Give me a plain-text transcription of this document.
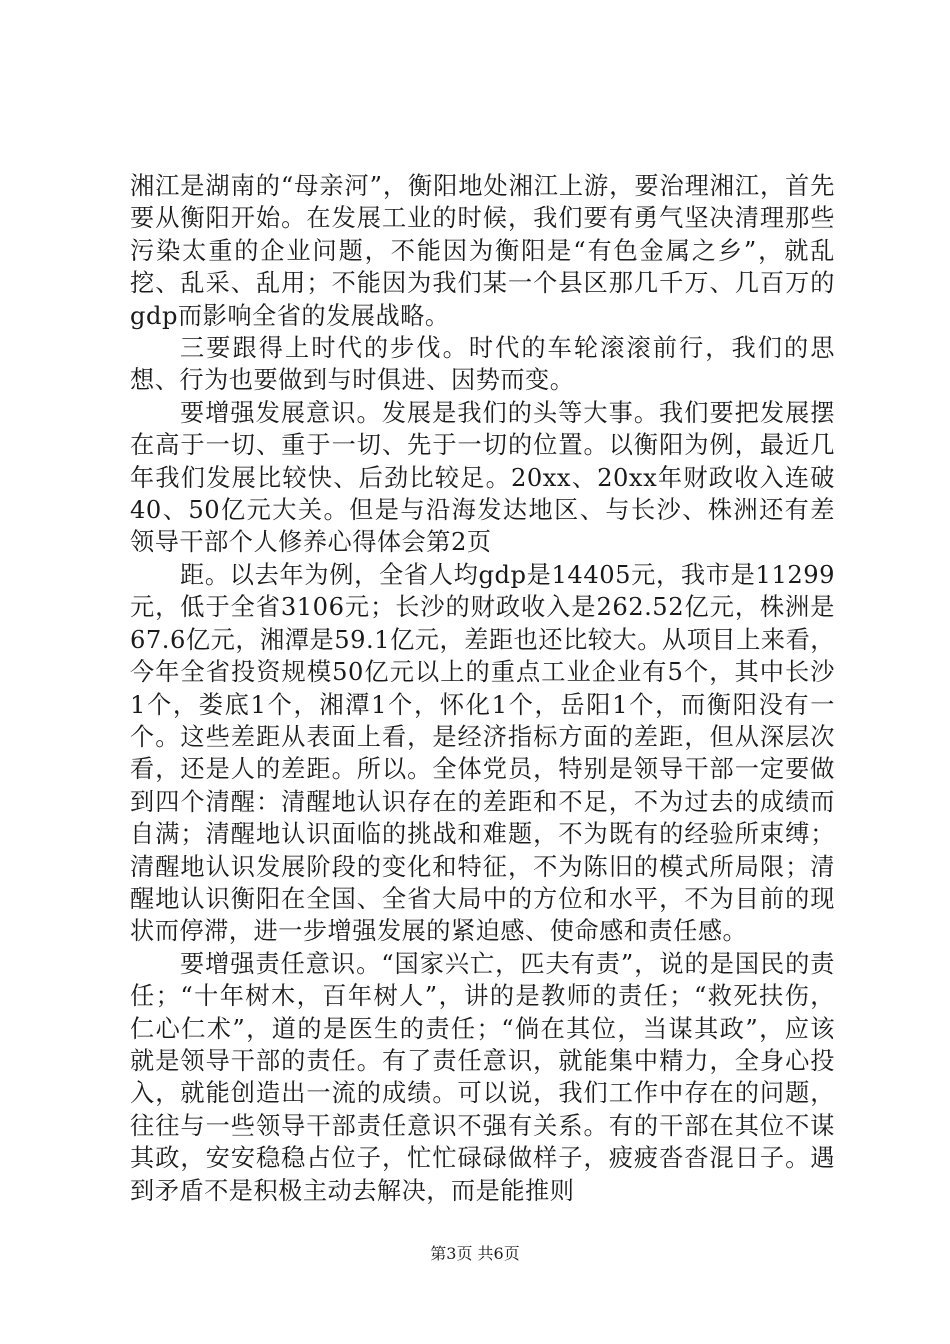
湘江是湖南的“母亲河”，衡阳地处湘江上游，要治理湘江，首先要从衡阳开始。在发展工业的时候，我们要有勇气坚决清理那些污染太重的企业问题，不能因为衡阳是“有色金属之乡”，就乱挖、乱采、乱用；不能因为我们某一个县区那几千万、几百万的gdp而影响全省的发展战略。

三要跟得上时代的步伐。时代的车轮滚滚前行，我们的思想、行为也要做到与时俱进、因势而变。

要增强发展意识。发展是我们的头等大事。我们要把发展摆在高于一切、重于一切、先于一切的位置。以衡阳为例，最近几年我们发展比较快、后劲比较足。20xx、20xx年财政收入连破40、50亿元大关。但是与沿海发达地区、与长沙、株洲还有差领导干部个人修养心得体会第2页

距。以去年为例，全省人均gdp是14405元，我市是11299元，低于全省3106元；长沙的财政收入是262.52亿元，株洲是67.6亿元，湘潭是59.1亿元，差距也还比较大。从项目上来看，今年全省投资规模50亿元以上的重点工业企业有5个，其中长沙1个，娄底1个，湘潭1个，怀化1个，岳阳1个，而衡阳没有一个。这些差距从表面上看，是经济指标方面的差距，但从深层次看，还是人的差距。所以。全体党员，特别是领导干部一定要做到四个清醒：清醒地认识存在的差距和不足，不为过去的成绩而自满；清醒地认识面临的挑战和难题，不为既有的经验所束缚；清醒地认识发展阶段的变化和特征，不为陈旧的模式所局限；清醒地认识衡阳在全国、全省大局中的方位和水平，不为目前的现状而停滞，进一步增强发展的紧迫感、使命感和责任感。

要增强责任意识。“国家兴亡，匹夫有责”，说的是国民的责任；“十年树木，百年树人”，讲的是教师的责任；“救死扶伤，仁心仁术”，道的是医生的责任；“倘在其位，当谋其政”，应该就是领导干部的责任。有了责任意识，就能集中精力，全身心投入，就能创造出一流的成绩。可以说，我们工作中存在的问题，往往与一些领导干部责任意识不强有关系。有的干部在其位不谋其政，安安稳稳占位子，忙忙碌碌做样子，疲疲沓沓混日子。遇到矛盾不是积极主动去解决，而是能推则

第3页 共6页
